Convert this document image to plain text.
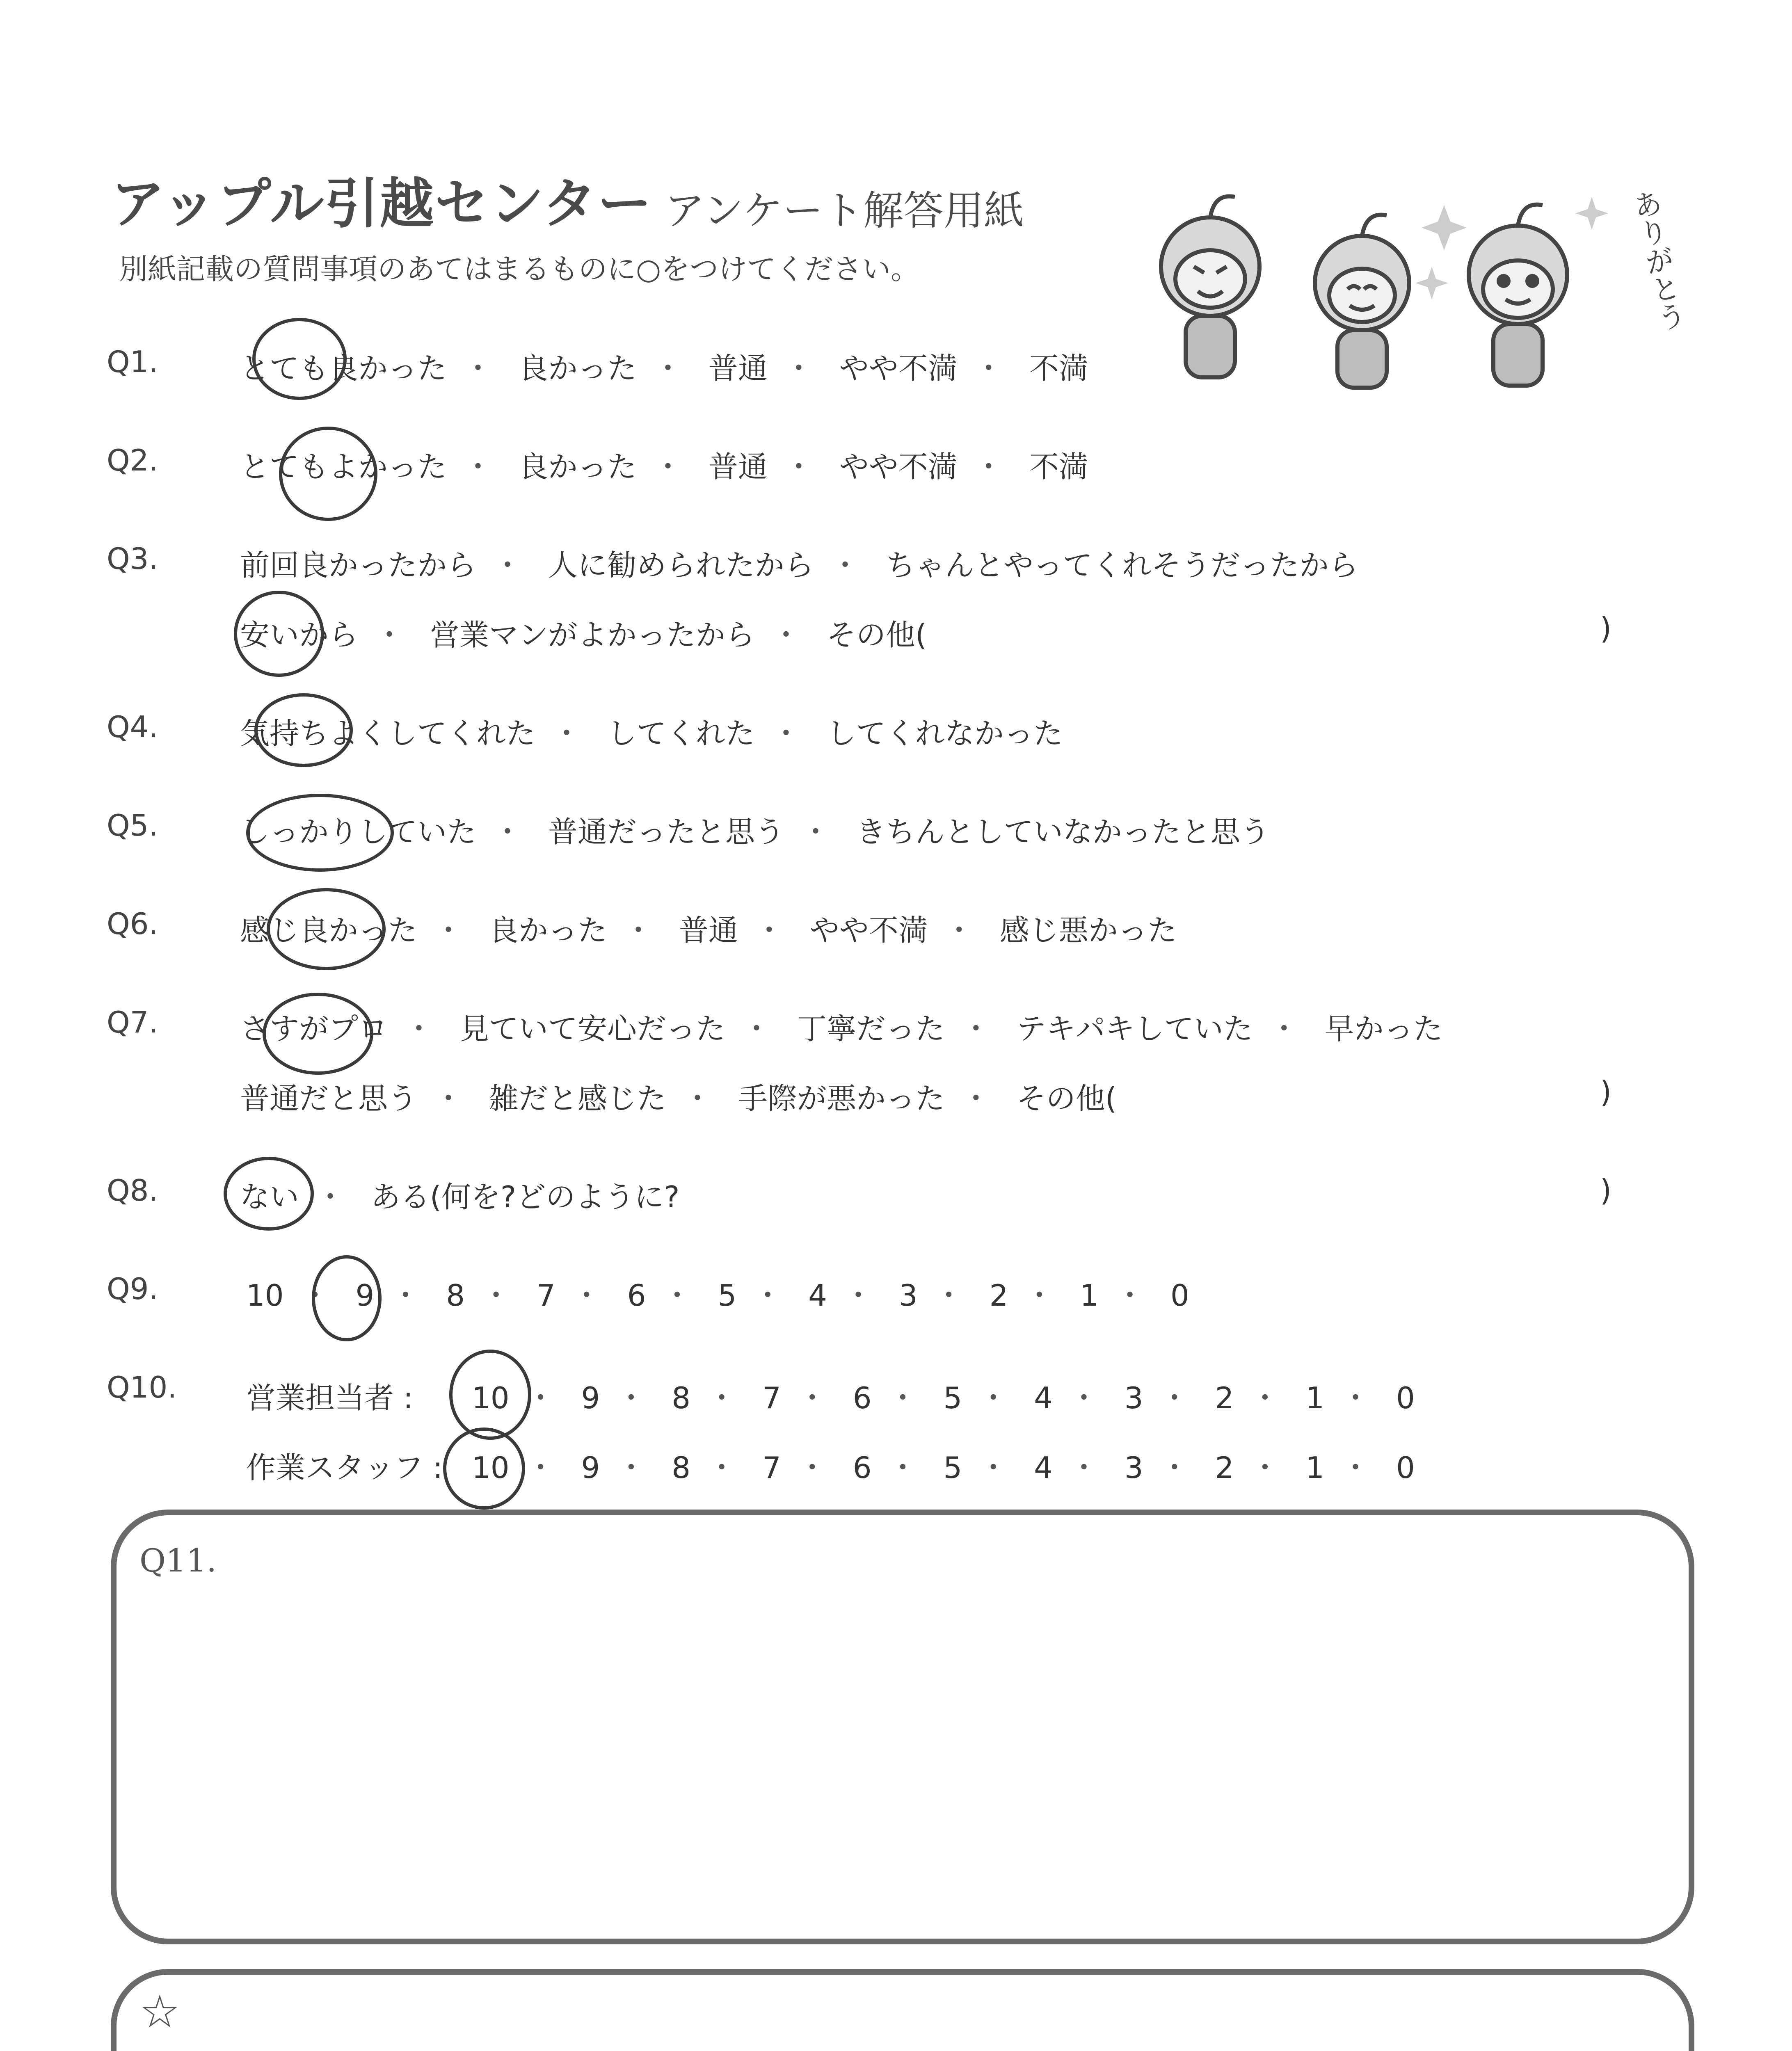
アップル引越センター アンケート解答用紙
別紙記載の質問事項のあてはまるものに○をつけてください。	ありがとう
Q1.	とても良かった ・ 良かった ・ 普通 ・ やや不満 ・ 不満
Q2.	とてもよかった ・ 良かった ・ 普通 ・ やや不満 ・ 不満
Q3.	前回良かったから ・ 人に勧められたから ・ ちゃんとやってくれそうだったから
安いから ・ 営業マンがよかったから ・ その他(	)
Q4.	気持ちよくしてくれた ・ してくれた ・ してくれなかった
Q5.	しっかりしていた ・ 普通だったと思う ・ きちんとしていなかったと思う
Q6.	感じ良かった ・ 良かった ・ 普通 ・ やや不満 ・ 感じ悪かった
Q7.	さすがプロ ・ 見ていて安心だった ・ 丁寧だった ・ テキパキしていた ・ 早かった
普通だと思う ・ 雑だと感じた ・ 手際が悪かった ・ その他(	)
Q8.	ない ・ ある(何を?どのように?	)
Q9.	10 ・ 9 ・ 8 ・ 7 ・ 6 ・ 5 ・ 4 ・ 3 ・ 2 ・ 1 ・ 0
Q10. 営業担当者 : 10 ・ 9 ・ 8 ・ 7 ・ 6 ・ 5 ・ 4 ・ 3 ・ 2 ・ 1 ・ 0
作業スタッフ : 10 ・ 9 ・ 8 ・ 7 ・ 6 ・ 5 ・ 4 ・ 3 ・ 2 ・ 1 ・ 0
Q11.
☆
